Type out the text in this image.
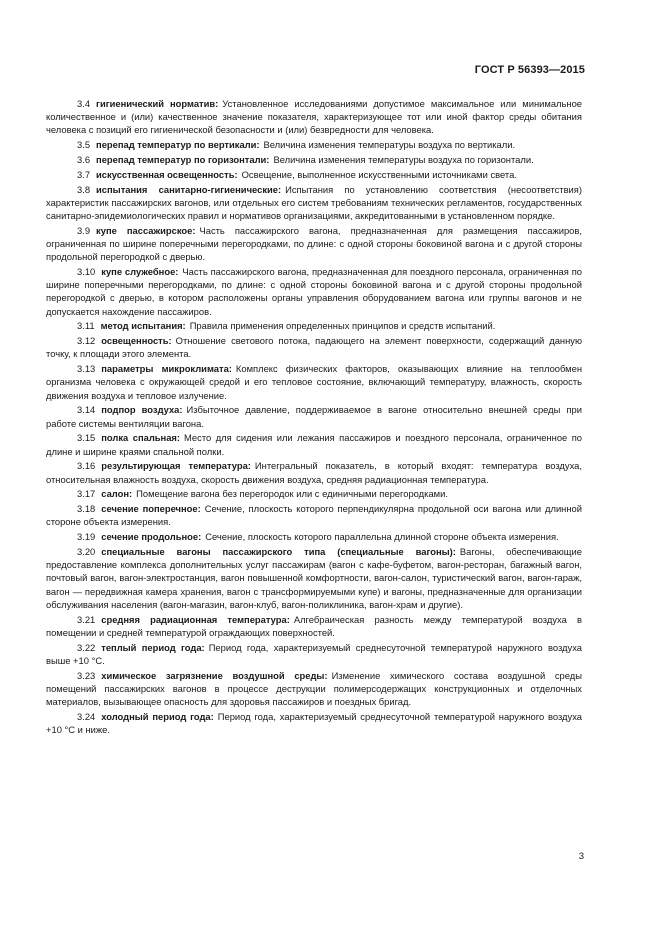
ГОСТ Р 56393—2015

3.4 гигиенический норматив: Установленное исследованиями допустимое максимальное или минимальное количественное и (или) качественное значение показателя, характеризующее тот или иной фактор среды обитания человека с позиций его гигиенической безопасности и (или) безвредности для человека.

3.5 перепад температур по вертикали: Величина изменения температуры воздуха по вертикали.

3.6 перепад температур по горизонтали: Величина изменения температуры воздуха по горизонтали.

3.7 искусственная освещенность: Освещение, выполненное искусственными источниками света.

3.8 испытания санитарно-гигиенические: Испытания по установлению соответствия (несоответствия) характеристик пассажирских вагонов, или отдельных его систем требованиям технических регламентов, государственных санитарно-эпидемиологических правил и нормативов организациями, аккредитованными в установленном порядке.

3.9 купе пассажирское: Часть пассажирского вагона, предназначенная для размещения пассажиров, ограниченная по ширине поперечными перегородками, по длине: с одной стороны боковиной вагона и с другой стороны продольной перегородкой с дверью.

3.10 купе служебное: Часть пассажирского вагона, предназначенная для поездного персонала, ограниченная по ширине поперечными перегородками, по длине: с одной стороны боковиной вагона и с другой стороны продольной перегородкой с дверью, в котором расположены органы управления оборудованием вагона или группы вагонов и не допускается нахождение пассажиров.

3.11 метод испытания: Правила применения определенных принципов и средств испытаний.

3.12 освещенность: Отношение светового потока, падающего на элемент поверхности, содержащий данную точку, к площади этого элемента.

3.13 параметры микроклимата: Комплекс физических факторов, оказывающих влияние на теплообмен организма человека с окружающей средой и его тепловое состояние, включающий температуру, влажность, скорость движения воздуха и тепловое излучение.

3.14 подпор воздуха: Избыточное давление, поддерживаемое в вагоне относительно внешней среды при работе системы вентиляции вагона.

3.15 полка спальная: Место для сидения или лежания пассажиров и поездного персонала, ограниченное по длине и ширине краями спальной полки.

3.16 результирующая температура: Интегральный показатель, в который входят: температура воздуха, относительная влажность воздуха, скорость движения воздуха, средняя радиационная температура.

3.17 салон: Помещение вагона без перегородок или с единичными перегородками.

3.18 сечение поперечное: Сечение, плоскость которого перпендикулярна продольной оси вагона или длинной стороне объекта измерения.

3.19 сечение продольное: Сечение, плоскость которого параллельна длинной стороне объекта измерения.

3.20 специальные вагоны пассажирского типа (специальные вагоны): Вагоны, обеспечивающие предоставление комплекса дополнительных услуг пассажирам (вагон с кафе-буфетом, вагон-ресторан, багажный вагон, почтовый вагон, вагон-электростанция, вагон повышенной комфортности, вагон-салон, туристический вагон, вагон-гараж, вагон — передвижная камера хранения, вагон с трансформируемыми купе) и вагоны, предназначенные для организации обслуживания населения (вагон-магазин, вагон-клуб, вагон-поликлиника, вагон-храм и другие).

3.21 средняя радиационная температура: Алгебраическая разность между температурой воздуха в помещении и средней температурой ограждающих поверхностей.

3.22 теплый период года: Период года, характеризуемый среднесуточной температурой наружного воздуха выше +10 °С.

3.23 химическое загрязнение воздушной среды: Изменение химического состава воздушной среды помещений пассажирских вагонов в процессе деструкции полимерсодержащих конструкционных и отделочных материалов, вызывающее опасность для здоровья пассажиров и поездных бригад.

3.24 холодный период года: Период года, характеризуемый среднесуточной температурой наружного воздуха +10 °С и ниже.

3
